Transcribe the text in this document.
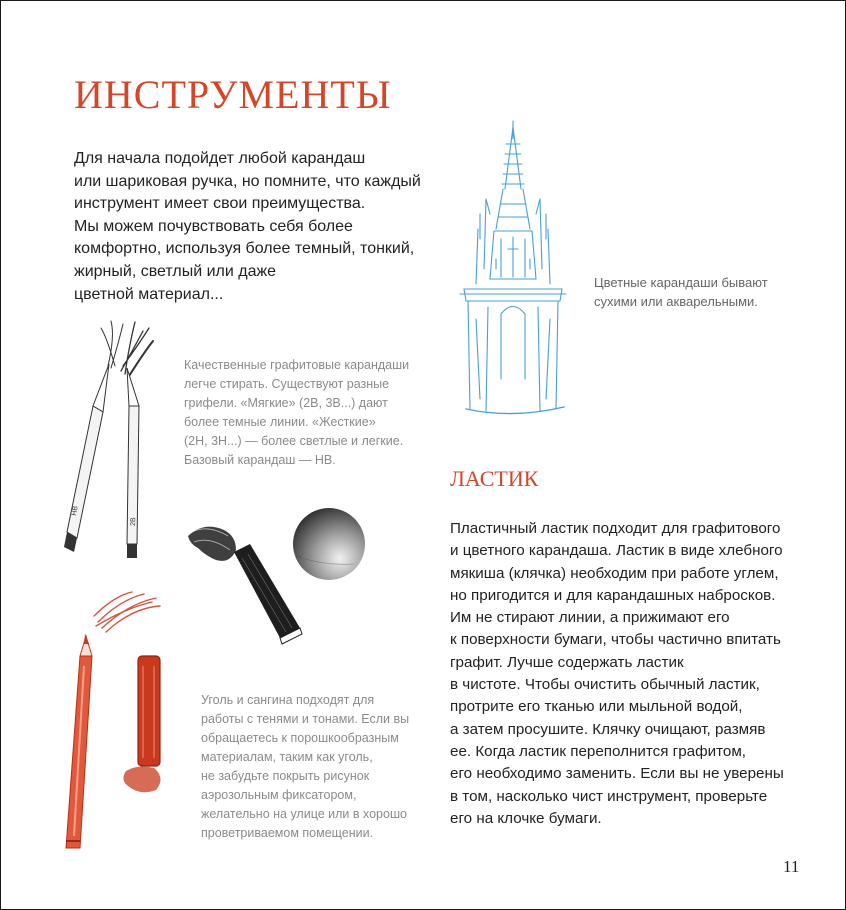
ИНСТРУМЕНТЫ

Для начала подойдет любой карандаш
или шариковая ручка, но помните, что каждый
инструмент имеет свои преимущества.
Мы можем почувствовать себя более
комфортно, используя более темный, тонкий,
жирный, светлый или даже
цветной материал...

Цветные карандаши бывают
сухими или акварельными.

HB
2B

Качественные графитовые карандаши
легче стирать. Существуют разные
грифели. «Мягкие» (2B, 3B...) дают
более темные линии. «Жесткие»
(2H, 3H...) — более светлые и легкие.
Базовый карандаш — HB.

Уголь и сангина подходят для
работы с тенями и тонами. Если вы
обращаетесь к порошкообразным
материалам, таким как уголь,
не забудьте покрыть рисунок
аэрозольным фиксатором,
желательно на улице или в хорошо
проветриваемом помещении.

ЛАСТИК

Пластичный ластик подходит для графитового
и цветного карандаша. Ластик в виде хлебного
мякиша (клячка) необходим при работе углем,
но пригодится и для карандашных набросков.
Им не стирают линии, а прижимают его
к поверхности бумаги, чтобы частично впитать
графит. Лучше содержать ластик
в чистоте. Чтобы очистить обычный ластик,
протрите его тканью или мыльной водой,
а затем просушите. Клячку очищают, размяв
ее. Когда ластик переполнится графитом,
его необходимо заменить. Если вы не уверены
в том, насколько чист инструмент, проверьте
его на клочке бумаги.

11
